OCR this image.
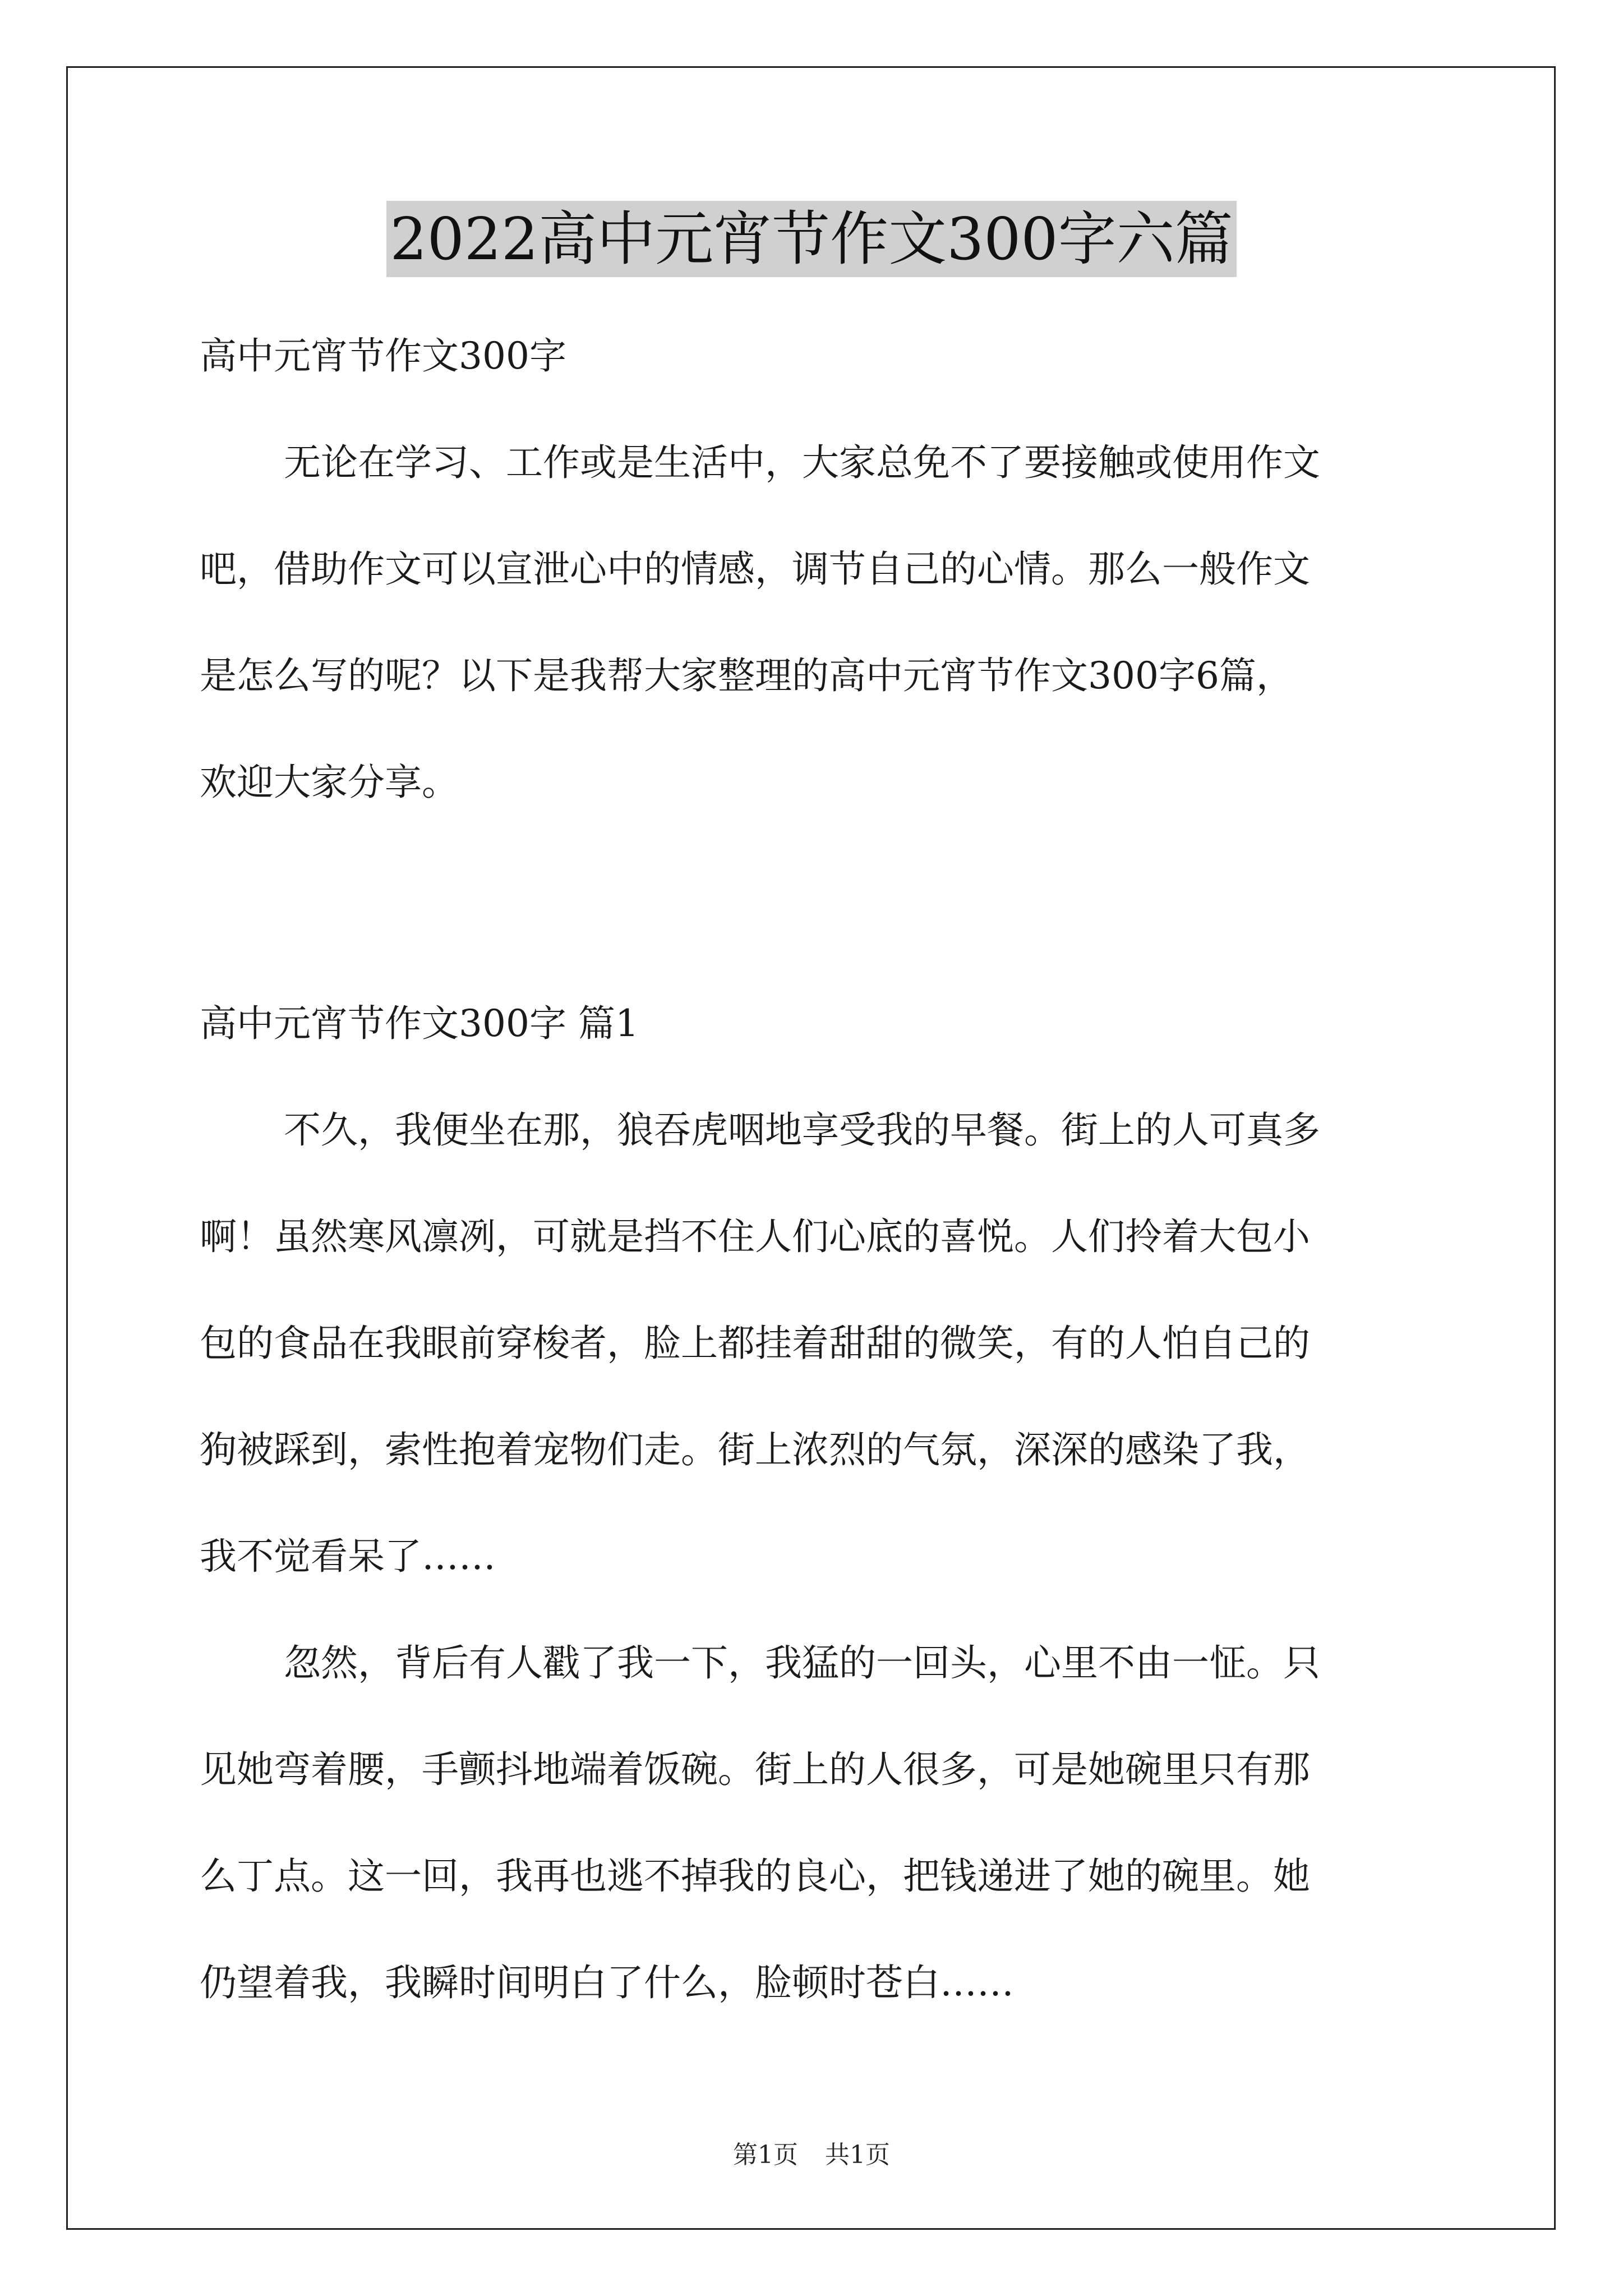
2022高中元宵节作文300字六篇
高中元宵节作文300字
无论在学习、工作或是生活中，大家总免不了要接触或使用作文
吧，借助作文可以宣泄心中的情感，调节自己的心情。那么一般作文
是怎么写的呢？以下是我帮大家整理的高中元宵节作文300字6篇，
欢迎大家分享。
高中元宵节作文300字 篇1
不久，我便坐在那，狼吞虎咽地享受我的早餐。街上的人可真多
啊！虽然寒风凛冽，可就是挡不住人们心底的喜悦。人们拎着大包小
包的食品在我眼前穿梭者，脸上都挂着甜甜的微笑，有的人怕自己的
狗被踩到，索性抱着宠物们走。街上浓烈的气氛，深深的感染了我，
我不觉看呆了……
忽然，背后有人戳了我一下，我猛的一回头，心里不由一怔。只
见她弯着腰，手颤抖地端着饭碗。街上的人很多，可是她碗里只有那
么丁点。这一回，我再也逃不掉我的良心，把钱递进了她的碗里。她
仍望着我，我瞬时间明白了什么，脸顿时苍白……
第1页 共1页
